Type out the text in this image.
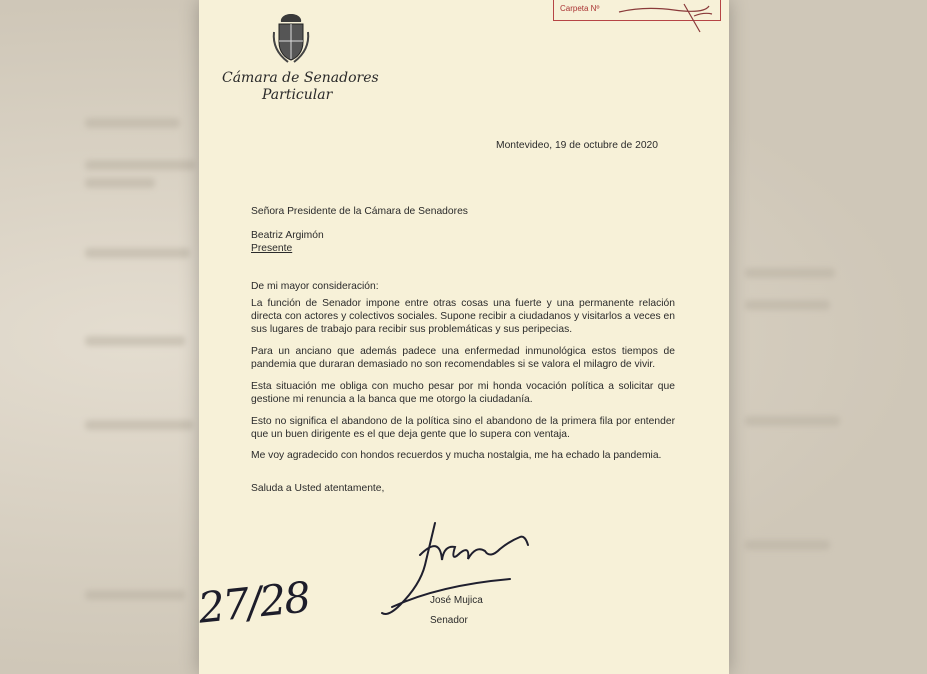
Cámara de Senadores
Particular
Carpeta Nº
Montevideo, 19 de octubre de 2020
Señora Presidente de la Cámara de Senadores
Beatriz Argimón
Presente
De mi mayor consideración:
La función de Senador impone entre otras cosas una fuerte y una permanente relación directa con actores y colectivos sociales. Supone recibir a ciudadanos y visitarlos a veces en sus lugares de trabajo para recibir sus problemáticas y sus peripecias.
Para un anciano que además padece una enfermedad inmunológica estos tiempos de pandemia que duraran demasiado no son recomendables si se valora el milagro de vivir.
Esta situación me obliga con mucho pesar por mi honda vocación política a solicitar que gestione mi renuncia a la banca que me otorgo la ciudadanía.
Esto no significa el abandono de la política sino el abandono de la primera fila por entender que un buen dirigente es el que deja gente que lo supera con ventaja.
Me voy agradecido con hondos recuerdos y mucha nostalgia, me ha echado la pandemia.
Saluda a Usted atentamente,
José Mujica
Senador
27/28
